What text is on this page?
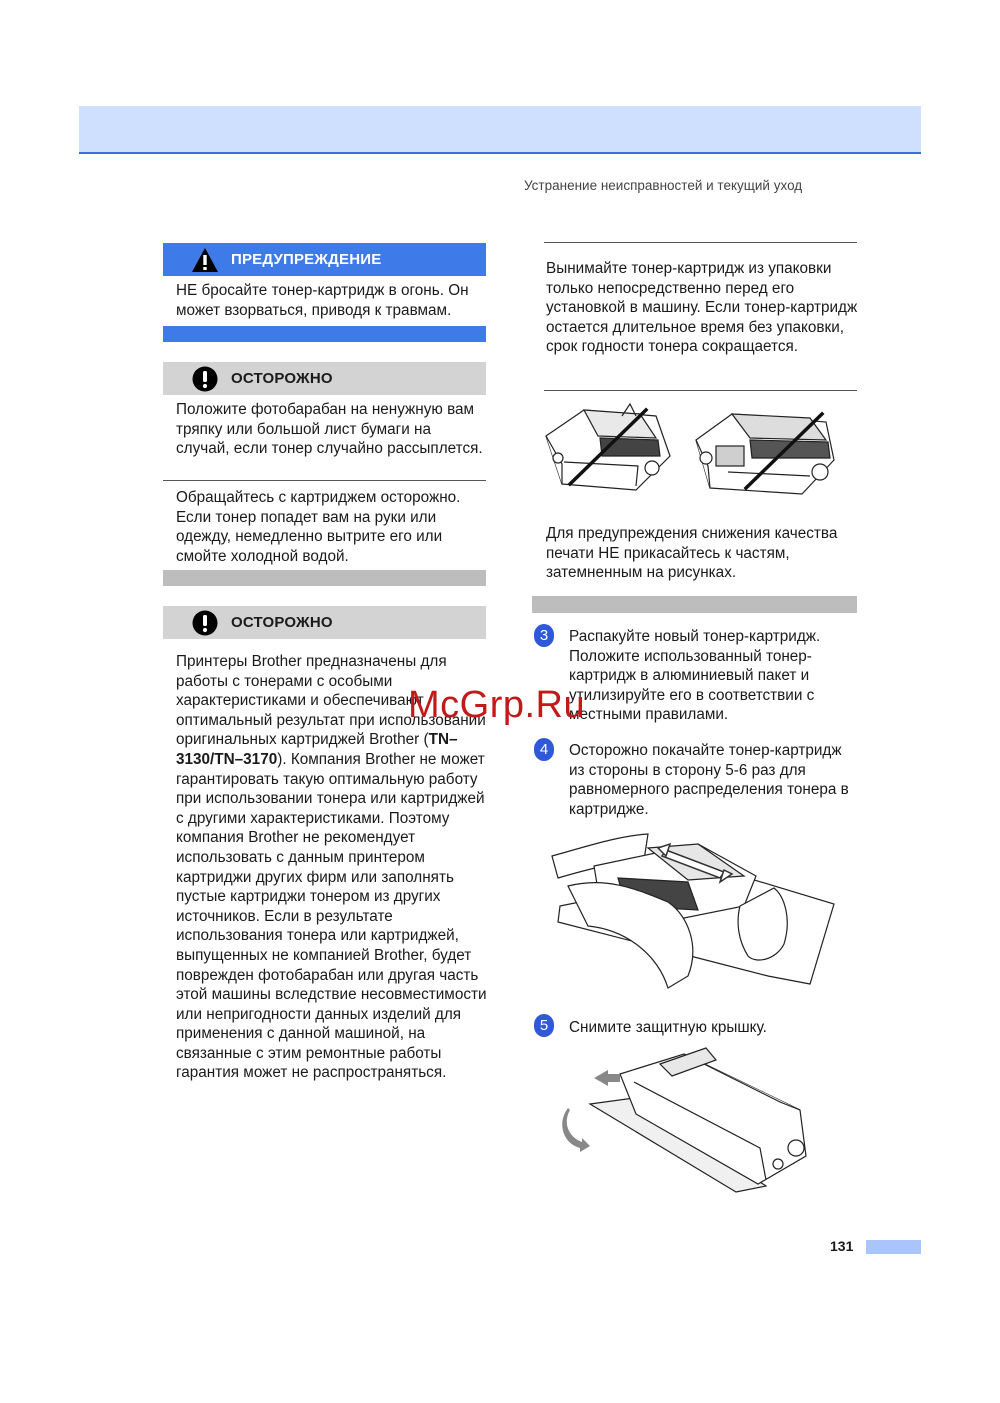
Устранение неисправностей и текущий уход
ПРЕДУПРЕЖДЕНИЕ
НЕ бросайте тонер-картридж в огонь. Он может взорваться, приводя к травмам.
ОСТОРОЖНО
Положите фотобарабан на ненужную вам тряпку или большой лист бумаги на случай, если тонер случайно рассыплется.
Обращайтесь с картриджем осторожно. Если тонер попадет вам на руки или одежду, немедленно вытрите его или смойте холодной водой.
ОСТОРОЖНО
Принтеры Brother предназначены для работы с тонерами с особыми характеристиками и обеспечивают оптимальный результат при использовании оригинальных картриджей Brother (TN–3130/TN–3170). Компания Brother не может гарантировать такую оптимальную работу при использовании тонера или картриджей с другими характеристиками. Поэтому компания Brother не рекомендует использовать с данным принтером картриджи других фирм или заполнять пустые картриджи тонером из других источников. Если в результате использования тонера или картриджей, выпущенных не компанией Brother, будет поврежден фотобарабан или другая часть этой машины вследствие несовместимости или непригодности данных изделий для применения с данной машиной, на связанные с этим ремонтные работы гарантия может не распространяться.
Вынимайте тонер-картридж из упаковки только непосредственно перед его установкой в машину. Если тонер-картридж остается длительное время без упаковки, срок годности тонера сокращается.
Для предупреждения снижения качества печати НЕ прикасайтесь к частям, затемненным на рисунках.
3	Распакуйте новый тонер-картридж. Положите использованный тонер-картридж в алюминиевый пакет и утилизируйте его в соответствии с местными правилами.
4	Осторожно покачайте тонер-картридж из стороны в сторону 5-6 раз для равномерного распределения тонера в картридже.
5	Снимите защитную крышку.
131
McGrp.Ru
